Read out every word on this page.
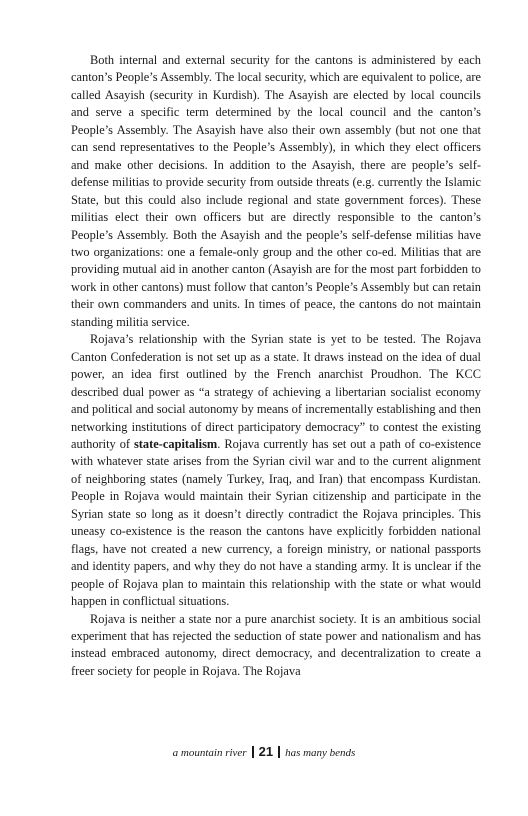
Both internal and external security for the cantons is administered by each canton’s People’s Assembly. The local security, which are equivalent to police, are called Asayish (security in Kurdish). The Asayish are elected by local councils and serve a specific term determined by the local council and the canton’s People’s Assembly. The Asayish have also their own assembly (but not one that can send representatives to the People’s Assembly), in which they elect officers and make other decisions. In addition to the Asayish, there are people’s self-defense militias to provide security from outside threats (e.g. currently the Islamic State, but this could also include regional and state government forces). These militias elect their own officers but are directly responsible to the canton’s People’s Assembly. Both the Asayish and the people’s self-defense militias have two organizations: one a female-only group and the other co-ed. Militias that are providing mutual aid in another canton (Asayish are for the most part forbidden to work in other cantons) must follow that canton’s People’s Assembly but can retain their own commanders and units. In times of peace, the cantons do not maintain standing militia service.

Rojava’s relationship with the Syrian state is yet to be tested. The Rojava Canton Confederation is not set up as a state. It draws instead on the idea of dual power, an idea first outlined by the French anarchist Proudhon. The KCC described dual power as “a strategy of achieving a libertarian socialist economy and political and social autonomy by means of incrementally establishing and then networking institutions of direct participatory democracy” to contest the existing authority of state-capitalism. Rojava currently has set out a path of co-existence with whatever state arises from the Syrian civil war and to the current alignment of neighboring states (namely Turkey, Iraq, and Iran) that encompass Kurdistan. People in Rojava would maintain their Syrian citizenship and participate in the Syrian state so long as it doesn’t directly contradict the Rojava principles. This uneasy co-existence is the reason the cantons have explicitly forbidden national flags, have not created a new currency, a foreign ministry, or national passports and identity papers, and why they do not have a standing army. It is unclear if the people of Rojava plan to maintain this relationship with the state or what would happen in conflictual situations.

Rojava is neither a state nor a pure anarchist society. It is an ambitious social experiment that has rejected the seduction of state power and nationalism and has instead embraced autonomy, direct democracy, and decentralization to create a freer society for people in Rojava. The Rojava

a mountain river 21 has many bends
